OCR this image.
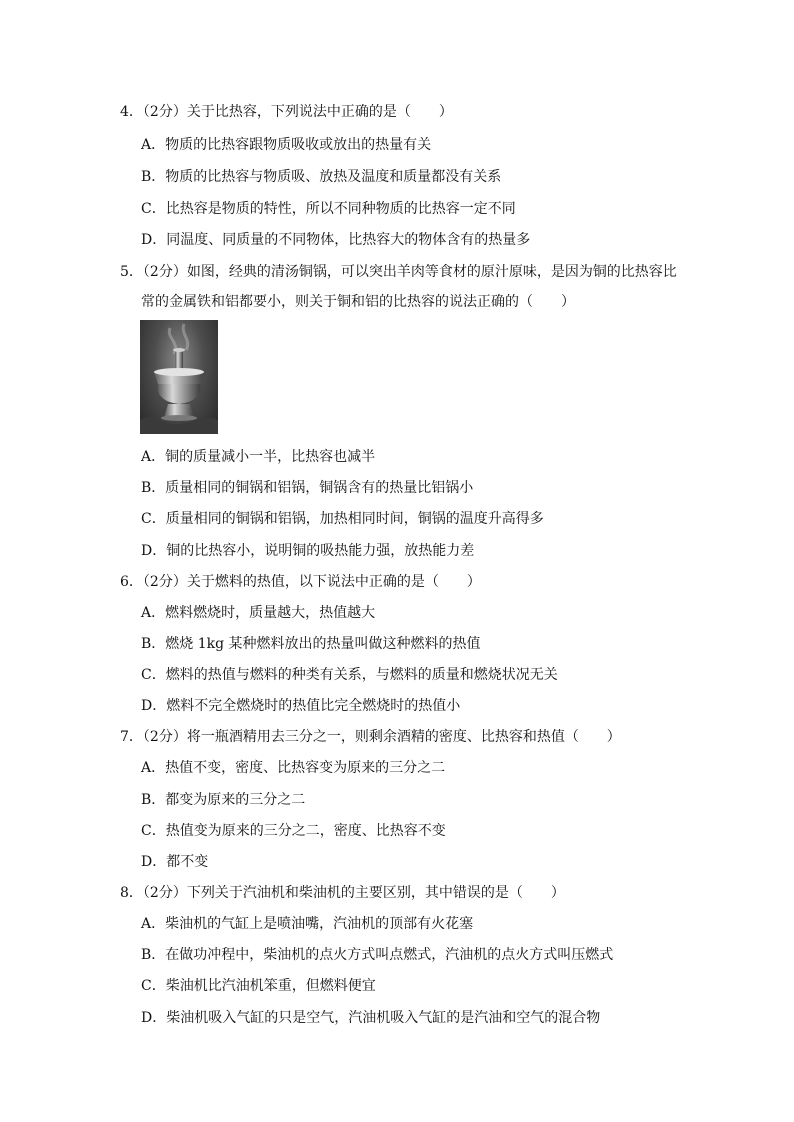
4．（2分）关于比热容，下列说法中正确的是（　　）
A．物质的比热容跟物质吸收或放出的热量有关
B．物质的比热容与物质吸、放热及温度和质量都没有关系
C．比热容是物质的特性，所以不同种物质的比热容一定不同
D．同温度、同质量的不同物体，比热容大的物体含有的热量多
5．（2分）如图，经典的清汤铜锅，可以突出羊肉等食材的原汁原味，是因为铜的比热容比
常的金属铁和铝都要小，则关于铜和铝的比热容的说法正确的（　　）
A．铜的质量减小一半，比热容也减半
B．质量相同的铜锅和铝锅，铜锅含有的热量比铝锅小
C．质量相同的铜锅和铝锅，加热相同时间，铜锅的温度升高得多
D．铜的比热容小，说明铜的吸热能力强，放热能力差
6．（2分）关于燃料的热值，以下说法中正确的是（　　）
A．燃料燃烧时，质量越大，热值越大
B．燃烧 1kg 某种燃料放出的热量叫做这种燃料的热值
C．燃料的热值与燃料的种类有关系，与燃料的质量和燃烧状况无关
D．燃料不完全燃烧时的热值比完全燃烧时的热值小
7．（2分）将一瓶酒精用去三分之一，则剩余酒精的密度、比热容和热值（　　）
A．热值不变，密度、比热容变为原来的三分之二
B．都变为原来的三分之二
C．热值变为原来的三分之二，密度、比热容不变
D．都不变
8．（2分）下列关于汽油机和柴油机的主要区别，其中错误的是（　　）
A．柴油机的气缸上是喷油嘴，汽油机的顶部有火花塞
B．在做功冲程中，柴油机的点火方式叫点燃式，汽油机的点火方式叫压燃式
C．柴油机比汽油机笨重，但燃料便宜
D．柴油机吸入气缸的只是空气，汽油机吸入气缸的是汽油和空气的混合物
